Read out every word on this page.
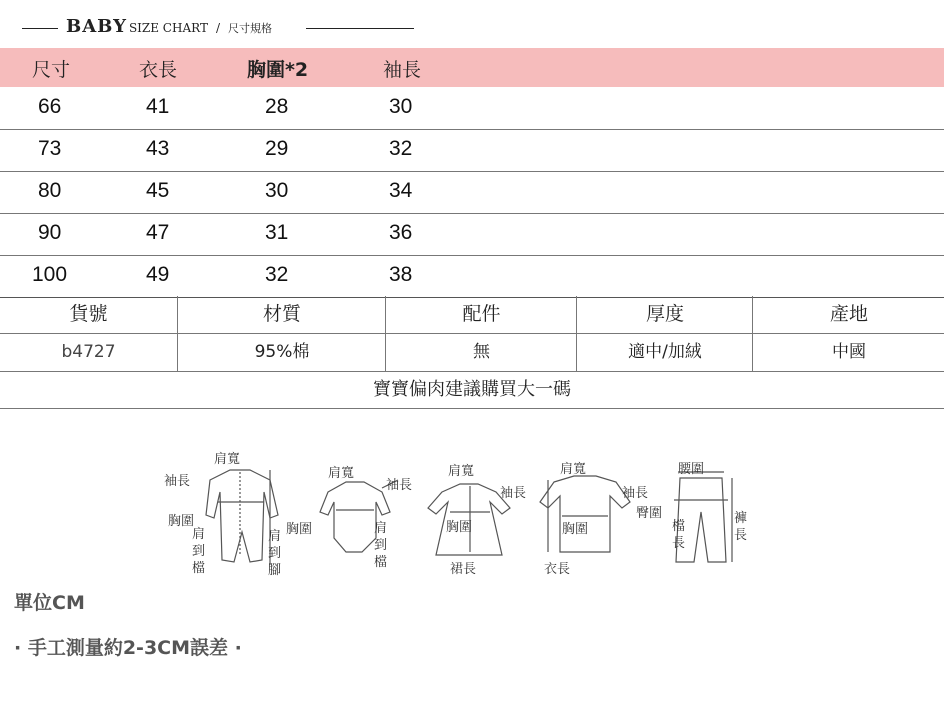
BABY SIZE CHART / 尺寸規格
尺寸	衣長	胸圍*2	袖長
66	41	28	30
73	43	29	32
80	45	30	34
90	47	31	36
100	49	32	38
貨號	材質	配件	厚度	產地
b4727	95%棉	無	適中/加絨	中國
寶寶偏肉建議購買大一碼
袖長
肩寬
胸圍
肩到檔
肩到腳
肩寬
袖長
胸圍	肩到檔
肩寬
袖長
胸圍
裙長
肩寬
袖長
胸圍
衣長
腰圍
臀圍
檔長
褲長
單位CM
· 手工測量約2-3CM誤差 ·
